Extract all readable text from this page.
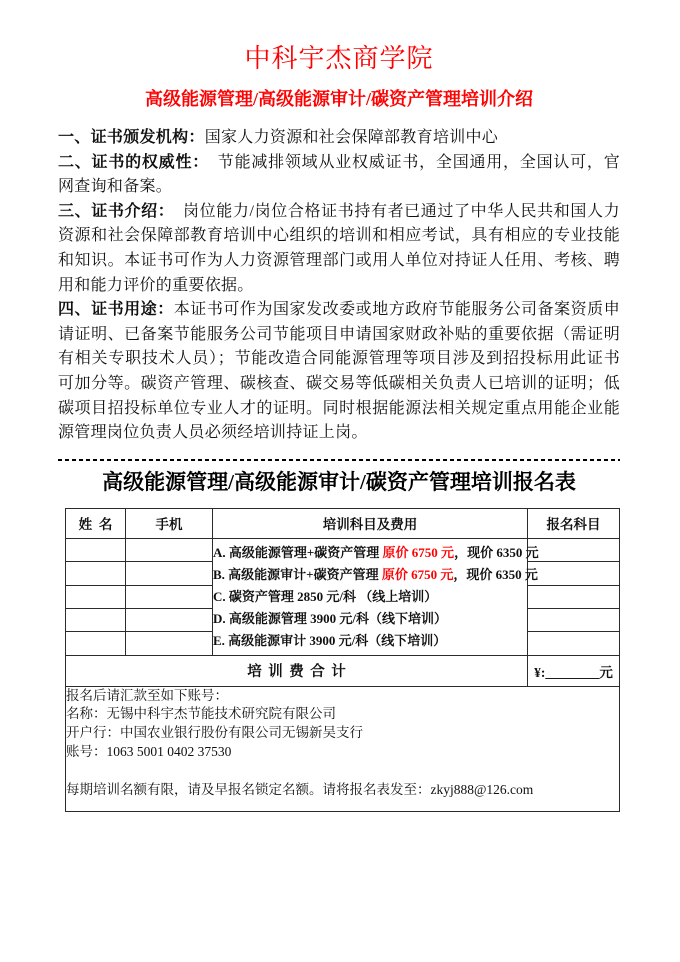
中科宇杰商学院
高级能源管理/高级能源审计/碳资产管理培训介绍

一、证书颁发机构：国家人力资源和社会保障部教育培训中心

二、证书的权威性：　节能减排领域从业权威证书，全国通用，全国认可，官网查询和备案。

三、证书介绍：　岗位能力/岗位合格证书持有者已通过了中华人民共和国人力资源和社会保障部教育培训中心组织的培训和相应考试，具有相应的专业技能和知识。本证书可作为人力资源管理部门或用人单位对持证人任用、考核、聘用和能力评价的重要依据。

四、证书用途：本证书可作为国家发改委或地方政府节能服务公司备案资质申请证明、已备案节能服务公司节能项目申请国家财政补贴的重要依据（需证明有相关专职技术人员）；节能改造合同能源管理等项目涉及到招投标用此证书可加分等。碳资产管理、碳核查、碳交易等低碳相关负责人已培训的证明；低碳项目招投标单位专业人才的证明。同时根据能源法相关规定重点用能企业能源管理岗位负责人员必须经培训持证上岗。

高级能源管理/高级能源审计/碳资产管理培训报名表
姓名	手机	培训科目及费用	报名科目

		A. 高级能源管理+碳资产管理 原价 6750 元，现价 6350 元
B. 高级能源审计+碳资产管理 原价 6750 元，现价 6350 元
C. 碳资产管理 2850 元/科 （线上培训）
D. 高级能源管理 3900 元/科（线下培训）
E. 高级能源审计 3900 元/科（线下培训）	

培训费合计			¥:________元

报名后请汇款至如下账号：
名称：无锡中科宇杰节能技术研究院有限公司
开户行：中国农业银行股份有限公司无锡新吴支行
账号：1063 5001 0402 37530
每期培训名额有限，请及早报名锁定名额。请将报名表发至：zkyj888@126.com			
